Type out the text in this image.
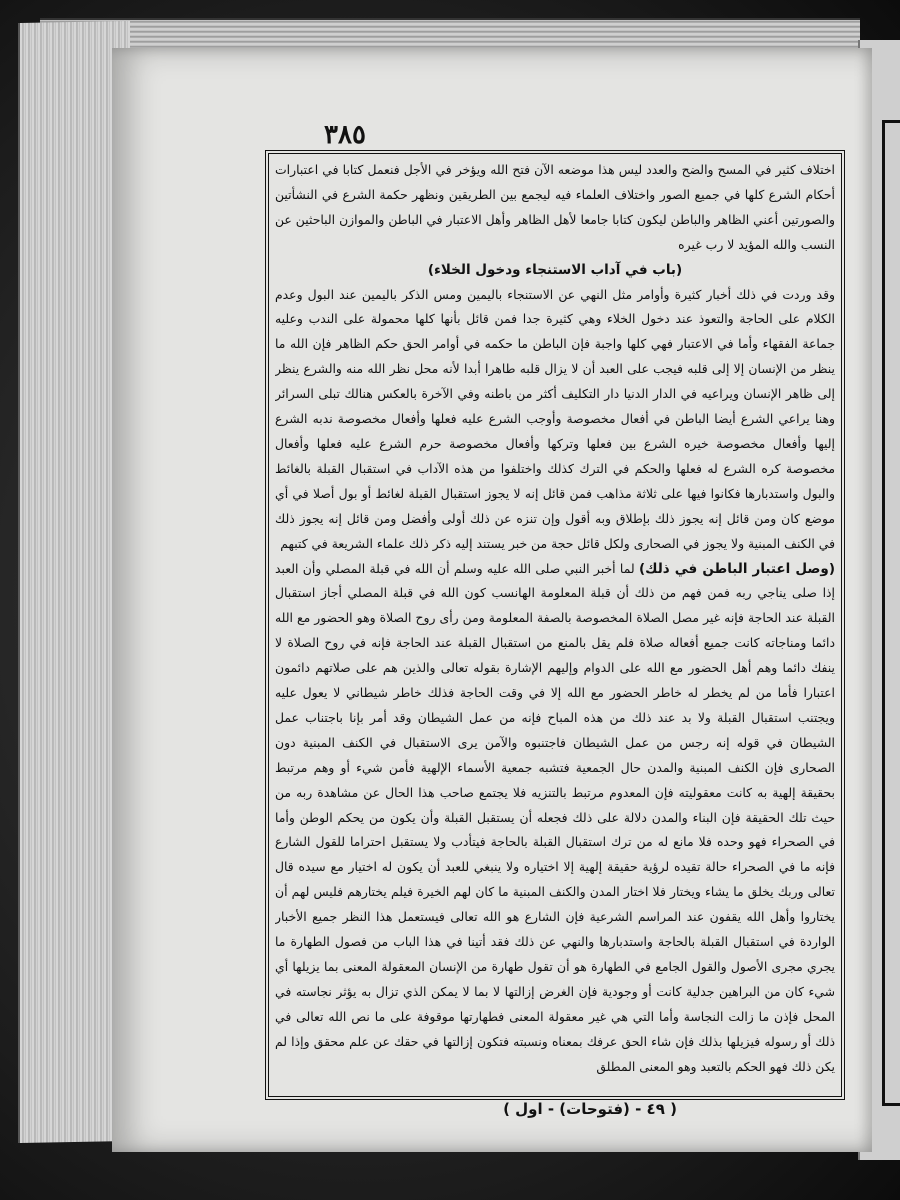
٣٨٥

اختلاف كثير في المسح والضح والعدد ليس هذا موضعه الآن فتح الله ويؤخر في الأجل فنعمل كتابا في اعتبارات أحكام الشرع كلها في جميع الصور واختلاف العلماء فيه ليجمع بين الطريقين ونظهر حكمة الشرع في النشأتين والصورتين أعني الظاهر والباطن ليكون كتابا جامعا لأهل الظاهر وأهل الاعتبار في الباطن والموازن الباحثين عن النسب والله المؤيد لا رب غيره

(باب في آداب الاستنجاء ودخول الخلاء)

وقد وردت في ذلك أخبار كثيرة وأوامر مثل النهي عن الاستنجاء باليمين ومس الذكر باليمين عند البول وعدم الكلام على الحاجة والتعوذ عند دخول الخلاء وهي كثيرة جدا فمن قائل بأنها كلها محمولة على الندب وعليه جماعة الفقهاء وأما في الاعتبار فهي كلها واجبة فإن الباطن ما حكمه في أوامر الحق حكم الظاهر فإن الله ما ينظر من الإنسان إلا إلى قلبه فيجب على العبد أن لا يزال قلبه طاهرا أبدا لأنه محل نظر الله منه والشرع ينظر إلى ظاهر الإنسان ويراعيه في الدار الدنيا دار التكليف أكثر من باطنه وفي الآخرة بالعكس هنالك تبلى السرائر وهنا يراعي الشرع أيضا الباطن في أفعال مخصوصة وأوجب الشرع عليه فعلها وأفعال مخصوصة ندبه الشرع إليها وأفعال مخصوصة خيره الشرع بين فعلها وتركها وأفعال مخصوصة حرم الشرع عليه فعلها وأفعال مخصوصة كره الشرع له فعلها والحكم في الترك كذلك واختلفوا من هذه الآداب في استقبال القبلة بالغائط والبول واستدبارها فكانوا فيها على ثلاثة مذاهب فمن قائل إنه لا يجوز استقبال القبلة لغائط أو بول أصلا في أي موضع كان ومن قائل إنه يجوز ذلك بإطلاق وبه أقول وإن تنزه عن ذلك أولى وأفضل ومن قائل إنه يجوز ذلك في الكنف المبنية ولا يجوز في الصحارى ولكل قائل حجة من خبر يستند إليه ذكر ذلك علماء الشريعة في كتبهم

(وصل اعتبار الباطن في ذلك) لما أخبر النبي صلى الله عليه وسلم أن الله في قبلة المصلي وأن العبد إذا صلى يناجي ربه فمن فهم من ذلك أن قبلة المعلومة الهانسب كون الله في قبلة المصلي أجاز استقبال القبلة عند الحاجة فإنه غير مصل الصلاة المخصوصة بالصفة المعلومة ومن رأى روح الصلاة وهو الحضور مع الله دائما ومناجاته كانت جميع أفعاله صلاة فلم يقل بالمنع من استقبال القبلة عند الحاجة فإنه في روح الصلاة لا ينفك دائما وهم أهل الحضور مع الله على الدوام وإليهم الإشارة بقوله تعالى والذين هم على صلاتهم دائمون اعتبارا فأما من لم يخطر له خاطر الحضور مع الله إلا في وقت الحاجة فذلك خاطر شيطاني لا يعول عليه ويجتنب استقبال القبلة ولا بد عند ذلك من هذه المباح فإنه من عمل الشيطان وقد أمر بإنا باجتناب عمل الشيطان في قوله إنه رجس من عمل الشيطان فاجتنبوه والآمن يرى الاستقبال في الكنف المبنية دون الصحارى فإن الكنف المبنية والمدن حال الجمعية فتشبه جمعية الأسماء الإلهية فأمن شيء أو وهم مرتبط بحقيقة إلهية به كانت معقوليته فإن المعدوم مرتبط بالتنزيه فلا يجتمع صاحب هذا الحال عن مشاهدة ربه من حيث تلك الحقيقة فإن البناء والمدن دلالة على ذلك فجعله أن يستقبل القبلة وأن يكون من يحكم الوطن وأما في الصحراء فهو وحده فلا مانع له من ترك استقبال القبلة بالحاجة فيتأدب ولا يستقبل احتراما للقول الشارع فإنه ما في الصحراء حالة تقيده لرؤية حقيقة إلهية إلا اختياره ولا ينبغي للعبد أن يكون له اختيار مع سيده قال تعالى وربك يخلق ما يشاء ويختار فلا اختار المدن والكنف المبنية ما كان لهم الخيرة فيلم يختارهم فليس لهم أن يختاروا وأهل الله يقفون عند المراسم الشرعية فإن الشارع هو الله تعالى فيستعمل هذا النظر جميع الأخبار الواردة في استقبال القبلة بالحاجة واستدبارها والنهي عن ذلك فقد أتينا في هذا الباب من فصول الطهارة ما يجري مجرى الأصول والقول الجامع في الطهارة هو أن تقول طهارة من الإنسان المعقولة المعنى بما يزيلها أي شيء كان من البراهين جدلية كانت أو وجودية فإن الغرض إزالتها لا بما لا يمكن الذي تزال به يؤثر نجاسته في المحل فإذن ما زالت النجاسة وأما التي هي غير معقولة المعنى فطهارتها موقوفة على ما نص الله تعالى في ذلك أو رسوله فيزيلها بذلك فإن شاء الحق عرفك بمعناه ونسبته فتكون إزالتها في حقك عن علم محقق وإذا لم يكن ذلك فهو الحكم بالتعبد وهو المعنى المطلق

( ٤٩ - (فتوحات) - اول )
